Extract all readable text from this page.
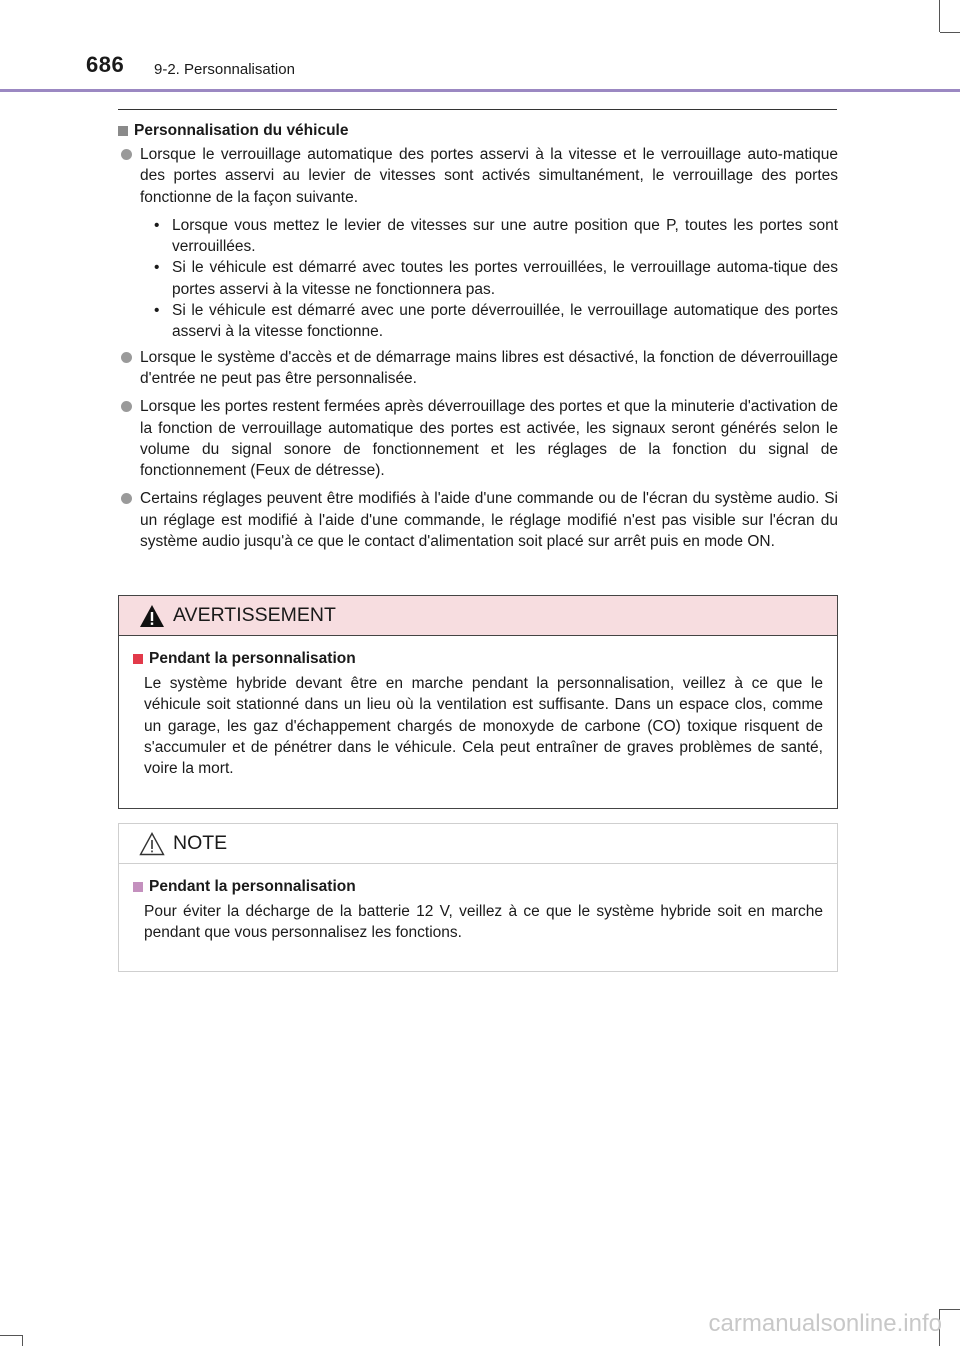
686 9-2. Personnalisation
Personnalisation du véhicule
Lorsque le verrouillage automatique des portes asservi à la vitesse et le verrouillage auto-matique des portes asservi au levier de vitesses sont activés simultanément, le verrouillage des portes fonctionne de la façon suivante.
• Lorsque vous mettez le levier de vitesses sur une autre position que P, toutes les portes sont verrouillées.
• Si le véhicule est démarré avec toutes les portes verrouillées, le verrouillage automa-tique des portes asservi à la vitesse ne fonctionnera pas.
• Si le véhicule est démarré avec une porte déverrouillée, le verrouillage automatique des portes asservi à la vitesse fonctionne.
Lorsque le système d'accès et de démarrage mains libres est désactivé, la fonction de déverrouillage d'entrée ne peut pas être personnalisée.
Lorsque les portes restent fermées après déverrouillage des portes et que la minuterie d'activation de la fonction de verrouillage automatique des portes est activée, les signaux seront générés selon le volume du signal sonore de fonctionnement et les réglages de la fonction du signal de fonctionnement (Feux de détresse).
Certains réglages peuvent être modifiés à l'aide d'une commande ou de l'écran du système audio. Si un réglage est modifié à l'aide d'une commande, le réglage modifié n'est pas visible sur l'écran du système audio jusqu'à ce que le contact d'alimentation soit placé sur arrêt puis en mode ON.
AVERTISSEMENT
Pendant la personnalisation
Le système hybride devant être en marche pendant la personnalisation, veillez à ce que le véhicule soit stationné dans un lieu où la ventilation est suffisante. Dans un espace clos, comme un garage, les gaz d'échappement chargés de monoxyde de carbone (CO) toxique risquent de s'accumuler et de pénétrer dans le véhicule. Cela peut entraîner de graves problèmes de santé, voire la mort.
NOTE
Pendant la personnalisation
Pour éviter la décharge de la batterie 12 V, veillez à ce que le système hybride soit en marche pendant que vous personnalisez les fonctions.
carmanualsonline.info
